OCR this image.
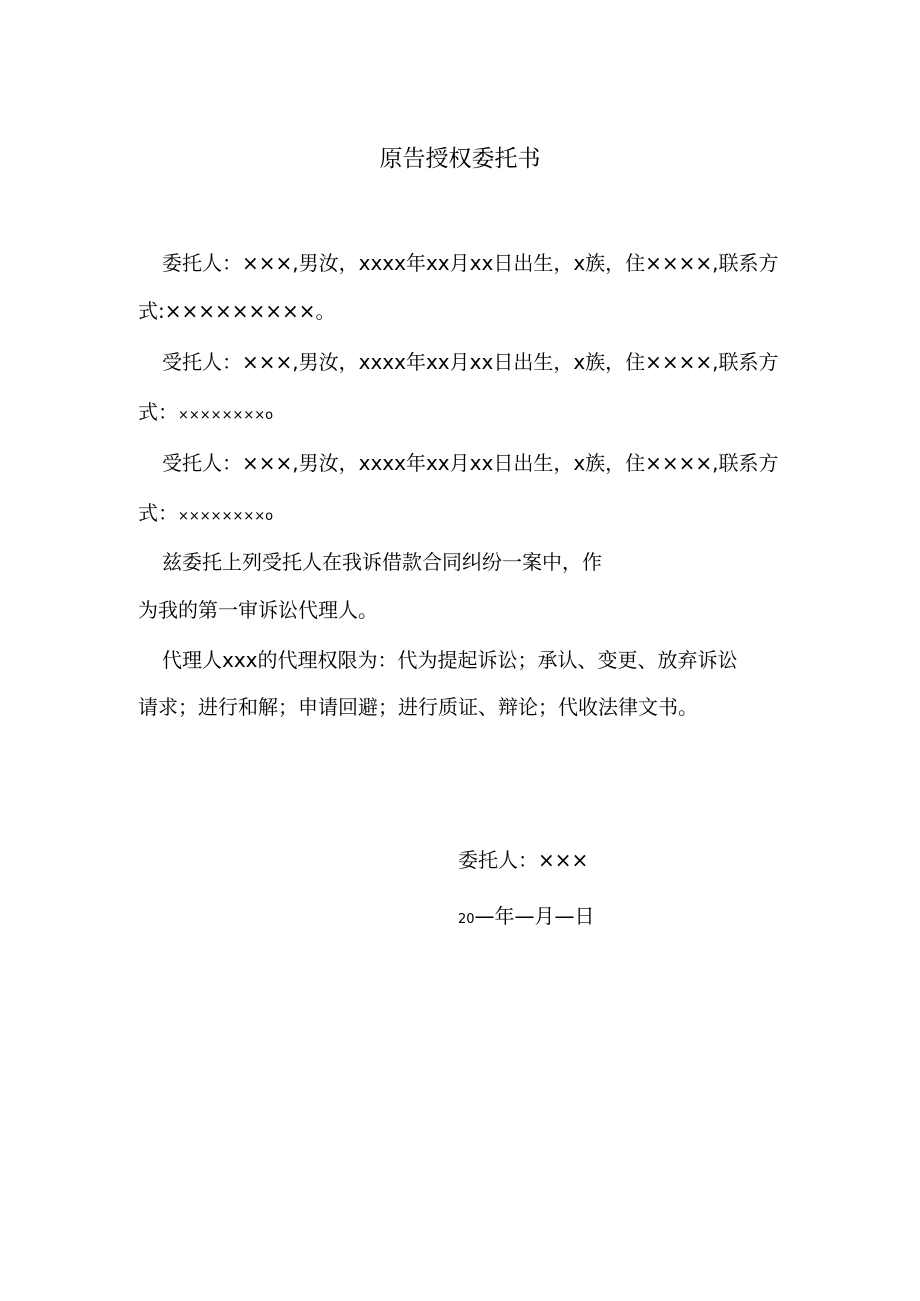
原告授权委托书
委托人：×××,男汝，xxxx年xx月xx日出生，x族，住××××,联系方
式:×××××××××。
受托人：×××,男汝，xxxx年xx月xx日出生，x族，住××××,联系方
式：××××××××o
受托人：×××,男汝，xxxx年xx月xx日出生，x族，住××××,联系方
式：××××××××o
兹委托上列受托人在我诉借款合同纠纷一案中，作
为我的第一审诉讼代理人。
代理人xxx的代理权限为：代为提起诉讼；承认、变更、放弃诉讼
请求；进行和解；申请回避；进行质证、辩论；代收法律文书。
委托人：×××
20—年—月—日
